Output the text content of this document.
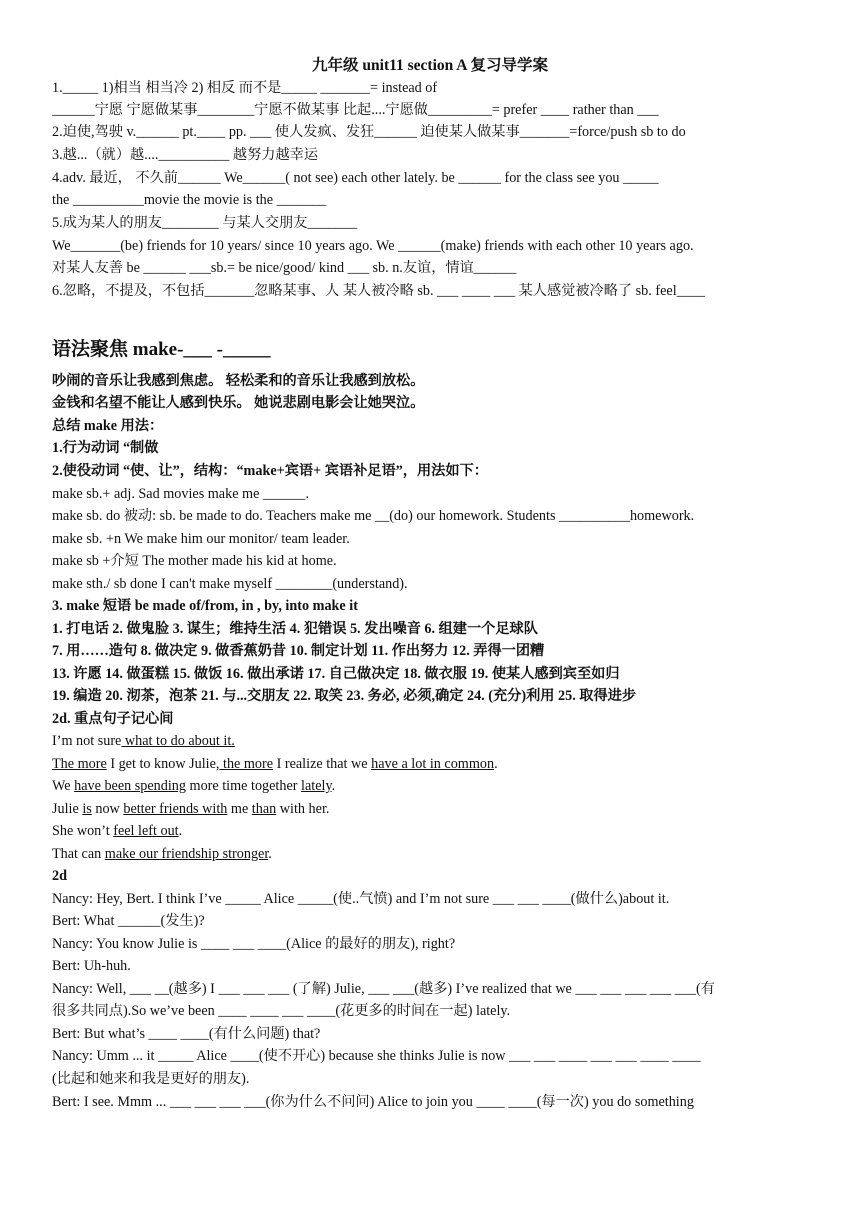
九年级 unit11 section A 复习导学案
1._____ 1)相当 相当冷 2) 相反 而不是_____ _______= instead of
______宁愿 宁愿做某事________宁愿不做某事 比起....宁愿做_________= prefer ____ rather than ___
2.迫使,驾驶 v.______ pt.____ pp. ___ 使人发疯、发狂______ 迫使某人做某事_______=force/push sb to do
3.越...（就）越....__________ 越努力越幸运
4.adv. 最近， 不久前______ We______( not see) each other lately. be ______ for the class see you _____
the __________movie the movie is the _______
5.成为某人的朋友________ 与某人交朋友_______
We_______(be) friends for 10 years/ since 10 years ago. We ______(make) friends with each other 10 years ago.
对某人友善 be ______ ___sb.= be nice/good/ kind ___ sb. n.友谊，情谊______
6.忽略，不提及，不包括_______忽略某事、人 某人被冷略 sb. ___ ____ ___ 某人感觉被冷略了 sb. feel____
语法聚焦 make-___ -_____
吵闹的音乐让我感到焦虑。 轻松柔和的音乐让我感到放松。
金钱和名望不能让人感到快乐。 她说悲剧电影会让她哭泣。
总结 make 用法：
1.行为动词 “制做
2.使役动词 “使、让”，结构：“make+宾语+ 宾语补足语”，用法如下：
make sb.+ adj. Sad movies make me ______.
make sb. do 被动: sb. be made to do. Teachers make me __(do) our homework. Students __________homework.
make sb. +n We make him our monitor/ team leader.
make sb +介短 The mother made his kid at home.
make sth./ sb done I can't make myself ________(understand).
3. make 短语 be made of/from, in , by, into make it
1. 打电话 2. 做鬼脸 3. 谋生；维持生活 4. 犯错误 5. 发出噪音 6. 组建一个足球队
7. 用……造句 8. 做决定 9. 做香蕉奶昔 10. 制定计划 11. 作出努力 12. 弄得一团糟
13. 许愿 14. 做蛋糕 15. 做饭 16. 做出承诺 17. 自己做决定 18. 做衣服 19. 使某人感到宾至如归
19. 编造 20. 沏茶，泡茶 21. 与...交朋友 22. 取笑 23. 务必, 必须,确定 24. (充分)利用 25. 取得进步
2d. 重点句子记心间
I’m not sure what to do about it.
The more I get to know Julie, the more I realize that we have a lot in common.
We have been spending more time together lately.
Julie is now better friends with me than with her.
She won’t feel left out.
That can make our friendship stronger.
2d
Nancy: Hey, Bert. I think I’ve _____ Alice _____(使..气愤) and I’m not sure ___ ___ ____(做什么)about it.
Bert: What ______(发生)?
Nancy: You know Julie is ____ ___ ____(Alice 的最好的朋友), right?
Bert: Uh-huh.
Nancy: Well, ___ __(越多) I ___ ___ ___ (了解) Julie, ___ ___(越多) I’ve realized that we ___ ___ ___ ___ ___(有
很多共同点).So we’ve been ____ ____ ___ ____(花更多的时间在一起) lately.
Bert: But what’s ____ ____(有什么问题) that?
Nancy: Umm ... it _____ Alice ____(使不开心) because she thinks Julie is now ___ ___ ____ ___ ___ ____ ____
(比起和她来和我是更好的朋友).
Bert: I see. Mmm ... ___ ___ ___ ___(你为什么不问问) Alice to join you ____ ____(每一次) you do something
